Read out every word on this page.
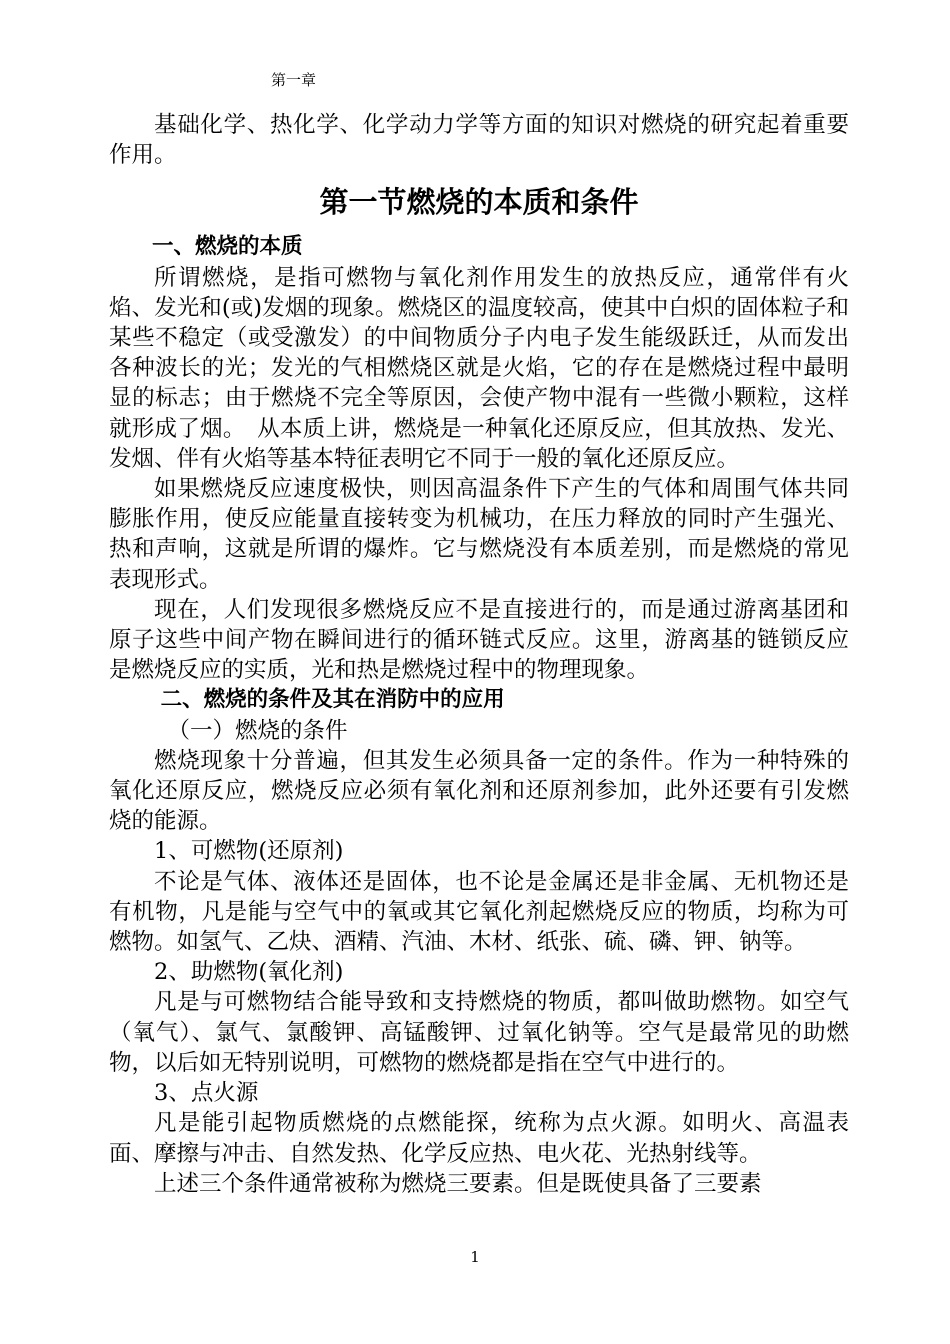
第一章

基础化学、热化学、化学动力学等方面的知识对燃烧的研究起着重要作用。

第一节燃烧的本质和条件
一、燃烧的本质

所谓燃烧，是指可燃物与氧化剂作用发生的放热反应，通常伴有火焰、发光和(或)发烟的现象。燃烧区的温度较高，使其中白炽的固体粒子和某些不稳定（或受激发）的中间物质分子内电子发生能级跃迁，从而发出各种波长的光；发光的气相燃烧区就是火焰，它的存在是燃烧过程中最明显的标志；由于燃烧不完全等原因，会使产物中混有一些微小颗粒，这样就形成了烟。　从本质上讲，燃烧是一种氧化还原反应，但其放热、发光、发烟、伴有火焰等基本特征表明它不同于一般的氧化还原反应。

如果燃烧反应速度极快，则因高温条件下产生的气体和周围气体共同膨胀作用，使反应能量直接转变为机械功，在压力释放的同时产生强光、热和声响，这就是所谓的爆炸。它与燃烧没有本质差别，而是燃烧的常见表现形式。

现在，人们发现很多燃烧反应不是直接进行的，而是通过游离基团和原子这些中间产物在瞬间进行的循环链式反应。这里，游离基的链锁反应是燃烧反应的实质，光和热是燃烧过程中的物理现象。

二、燃烧的条件及其在消防中的应用
（一）燃烧的条件

燃烧现象十分普遍，但其发生必须具备一定的条件。作为一种特殊的氧化还原反应，燃烧反应必须有氧化剂和还原剂参加，此外还要有引发燃烧的能源。

1、可燃物(还原剂)

不论是气体、液体还是固体，也不论是金属还是非金属、无机物还是有机物，凡是能与空气中的氧或其它氧化剂起燃烧反应的物质，均称为可燃物。如氢气、乙炔、酒精、汽油、木材、纸张、硫、磷、钾、钠等。

2、助燃物(氧化剂)

凡是与可燃物结合能导致和支持燃烧的物质，都叫做助燃物。如空气（氧气）、氯气、氯酸钾、高锰酸钾、过氧化钠等。空气是最常见的助燃物，以后如无特别说明，可燃物的燃烧都是指在空气中进行的。

3、点火源

凡是能引起物质燃烧的点燃能探，统称为点火源。如明火、高温表面、摩擦与冲击、自然发热、化学反应热、电火花、光热射线等。

上述三个条件通常被称为燃烧三要素。但是既使具备了三要素

1
